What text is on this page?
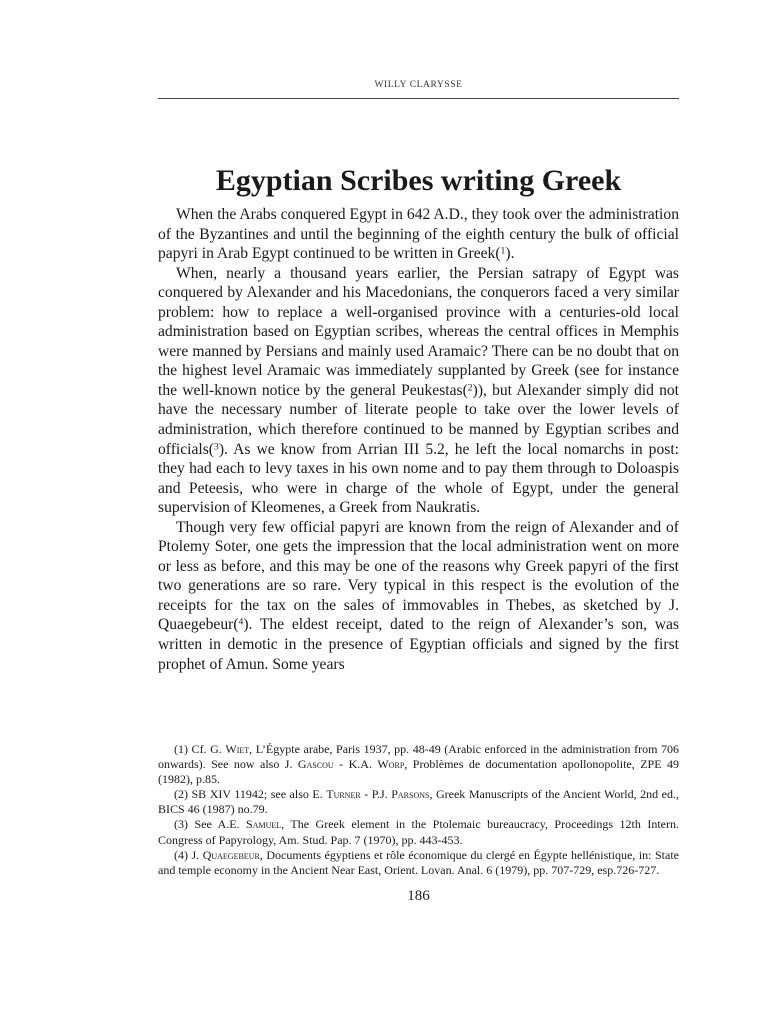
WILLY CLARYSSE
Egyptian Scribes writing Greek

When the Arabs conquered Egypt in 642 A.D., they took over the administration of the Byzantines and until the beginning of the eighth century the bulk of official papyri in Arab Egypt continued to be written in Greek($^1$).

When, nearly a thousand years earlier, the Persian satrapy of Egypt was conquered by Alexander and his Macedonians, the conquerors faced a very similar problem: how to replace a well-organised province with a centuries-old local administration based on Egyptian scribes, whereas the central offices in Memphis were manned by Persians and mainly used Aramaic? There can be no doubt that on the highest level Aramaic was immediately supplanted by Greek (see for instance the well-known notice by the general Peukestas($^2$)), but Alexander simply did not have the necessary number of literate people to take over the lower levels of administration, which therefore continued to be manned by Egyptian scribes and officials($^3$). As we know from Arrian III 5.2, he left the local nomarchs in post: they had each to levy taxes in his own nome and to pay them through to Doloaspis and Peteesis, who were in charge of the whole of Egypt, under the general supervision of Kleomenes, a Greek from Naukratis.

Though very few official papyri are known from the reign of Alexander and of Ptolemy Soter, one gets the impression that the local administration went on more or less as before, and this may be one of the reasons why Greek papyri of the first two generations are so rare. Very typical in this respect is the evolution of the receipts for the tax on the sales of immovables in Thebes, as sketched by J. Quaegebeur($^4$). The eldest receipt, dated to the reign of Alexander’s son, was written in demotic in the presence of Egyptian officials and signed by the first prophet of Amun. Some years

(1) Cf. G. Wiet, L’Égypte arabe, Paris 1937, pp. 48-49 (Arabic enforced in the administration from 706 onwards). See now also J. Gascou - K.A. Worp, Problèmes de documentation apollonopolite, ZPE 49 (1982), p.85.

(2) SB XIV 11942; see also E. Turner - P.J. Parsons, Greek Manuscripts of the Ancient World, 2nd ed., BICS 46 (1987) no.79.

(3) See A.E. Samuel, The Greek element in the Ptolemaic bureaucracy, Proceedings 12th Intern. Congress of Papyrology, Am. Stud. Pap. 7 (1970), pp. 443-453.

(4) J. Quaegebeur, Documents égyptiens et rôle économique du clergé en Égypte hellénistique, in: State and temple economy in the Ancient Near East, Orient. Lovan. Anal. 6 (1979), pp. 707-729, esp.726-727.

186
